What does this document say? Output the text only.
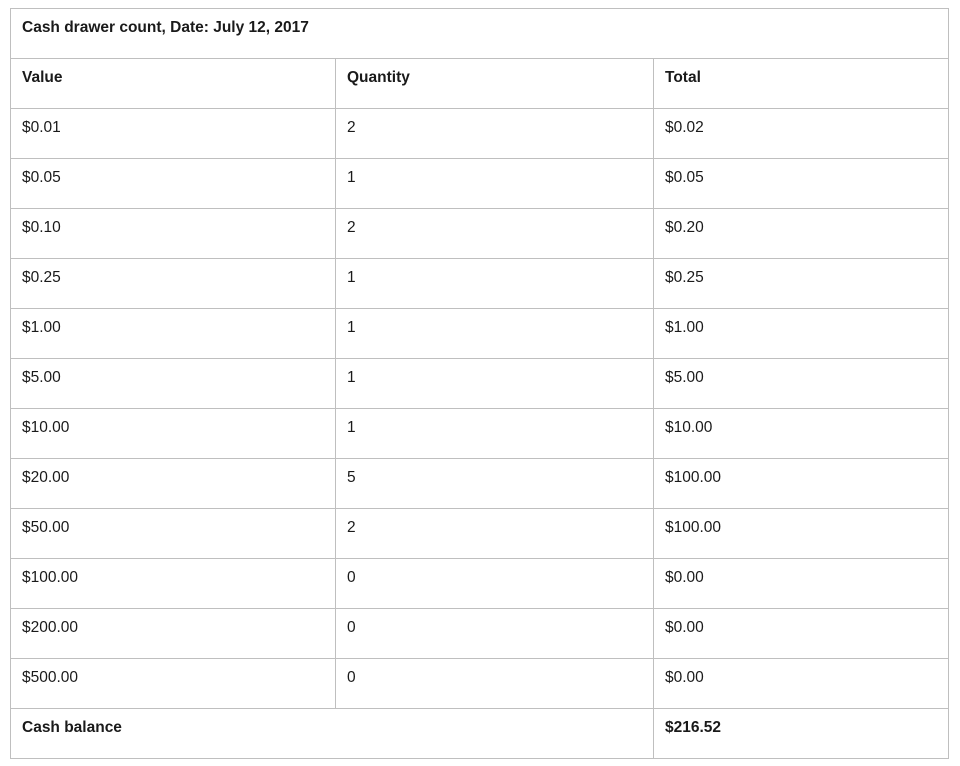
Cash drawer count, Date: July 12, 2017		
Value	Quantity	Total
$0.01	2	$0.02
$0.05	1	$0.05
$0.10	2	$0.20
$0.25	1	$0.25
$1.00	1	$1.00
$5.00	1	$5.00
$10.00	1	$10.00
$20.00	5	$100.00
$50.00	2	$100.00
$100.00	0	$0.00
$200.00	0	$0.00
$500.00	0	$0.00
Cash balance		$216.52
